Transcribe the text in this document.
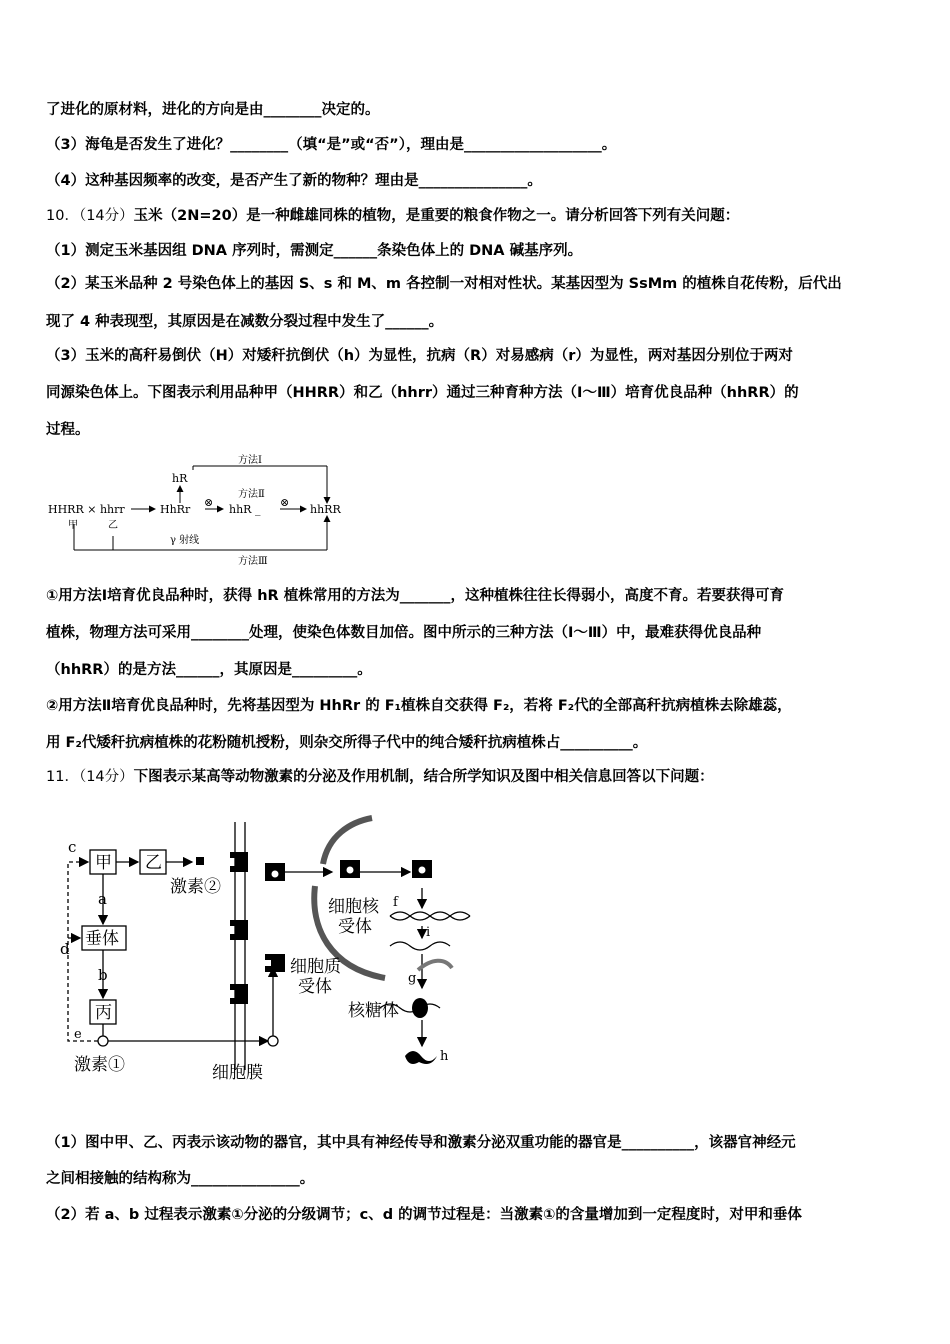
了进化的原材料，进化的方向是由________决定的。
（3）海龟是否发生了进化？________（填“是”或“否”），理由是___________________。
（4）这种基因频率的改变，是否产生了新的物种？理由是_______________。
10．（14分）玉米（2N=20）是一种雌雄同株的植物，是重要的粮食作物之一。请分析回答下列有关问题：
（1）测定玉米基因组 DNA 序列时，需测定______条染色体上的 DNA 碱基序列。
（2）某玉米品种 2 号染色体上的基因 S、s 和 M、m 各控制一对相对性状。某基因型为 SsMm 的植株自花传粉，后代出
现了 4 种表现型，其原因是在减数分裂过程中发生了______。
（3）玉米的高秆易倒伏（H）对矮秆抗倒伏（h）为显性，抗病（R）对易感病（r）为显性，两对基因分别位于两对
同源染色体上。下图表示利用品种甲（HHRR）和乙（hhrr）通过三种育种方法（Ⅰ～Ⅲ）培育优良品种（hhRR）的
过程。
方法Ⅰ
hR
方法Ⅱ
⊗	⊗
HHRR × hhrr	HhRr	hhR _	hhRR
甲	乙
γ 射线
方法Ⅲ
①用方法Ⅰ培育优良品种时，获得 hR 植株常用的方法为_______，这种植株往往长得弱小，高度不育。若要获得可育
植株，物理方法可采用________处理，使染色体数目加倍。图中所示的三种方法（Ⅰ～Ⅲ）中，最难获得优良品种
（hhRR）的是方法______，其原因是_________。
②用方法Ⅱ培育优良品种时，先将基因型为 HhRr 的 F₁植株自交获得 F₂，若将 F₂代的全部高秆抗病植株去除雄蕊，
用 F₂代矮秆抗病植株的花粉随机授粉，则杂交所得子代中的纯合矮秆抗病植株占__________。
11．（14分）下图表示某高等动物激素的分泌及作用机制，结合所学知识及图中相关信息回答以下问题：
c
甲 乙
a
垂体
d
b
丙
e
激素②
激素①	细胞膜
细胞质
受体
细胞核
受体
核糖体
f
i
g
h
（1）图中甲、乙、丙表示该动物的器官，其中具有神经传导和激素分泌双重功能的器官是__________，该器官神经元
之间相接触的结构称为_______________。
（2）若 a、b 过程表示激素①分泌的分级调节；c、d 的调节过程是：当激素①的含量增加到一定程度时，对甲和垂体
